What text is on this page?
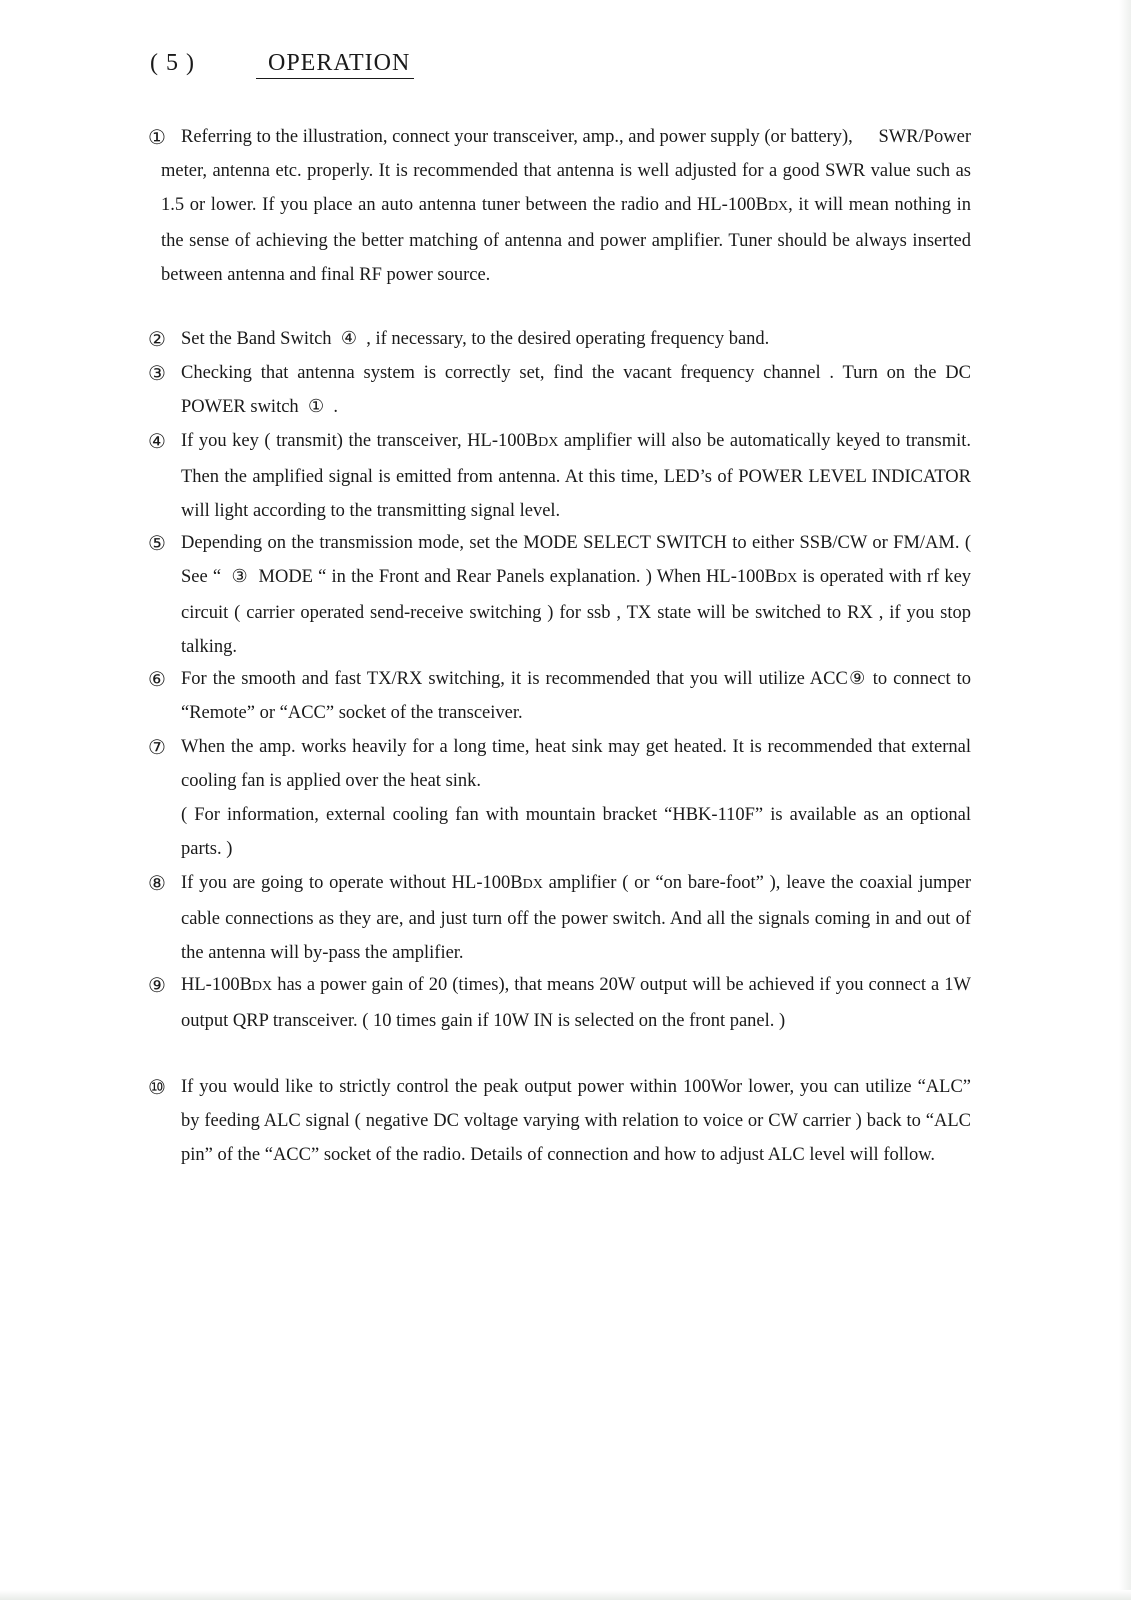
( 5 )	OPERATION
① Referring to the illustration, connect your transceiver, amp., and power supply (or battery), SWR/Power meter, antenna etc. properly. It is recommended that antenna is well adjusted for a good SWR value such as 1.5 or lower. If you place an auto antenna tuner between the radio and HL-100BDX, it will mean nothing in the sense of achieving the better matching of antenna and power amplifier. Tuner should be always inserted between antenna and final RF power source.
② Set the Band Switch ④ , if necessary, to the desired operating frequency band.
③ Checking that antenna system is correctly set, find the vacant frequency channel . Turn on the DC POWER switch ① .
④ If you key ( transmit) the transceiver, HL-100BDX amplifier will also be automatically keyed to transmit. Then the amplified signal is emitted from antenna. At this time, LED’s of POWER LEVEL INDICATOR will light according to the transmitting signal level.
⑤ Depending on the transmission mode, set the MODE SELECT SWITCH to either SSB/CW or FM/AM. ( See “ ③ MODE “ in the Front and Rear Panels explanation. ) When HL-100BDX is operated with rf key circuit ( carrier operated send-receive switching ) for ssb , TX state will be switched to RX , if you stop talking.
⑥ For the smooth and fast TX/RX switching, it is recommended that you will utilize ACC⑨ to connect to “Remote” or “ACC” socket of the transceiver.
⑦ When the amp. works heavily for a long time, heat sink may get heated. It is recommended that external cooling fan is applied over the heat sink.
( For information, external cooling fan with mountain bracket “HBK-110F” is available as an optional parts. )
⑧ If you are going to operate without HL-100BDX amplifier ( or “on bare-foot” ), leave the coaxial jumper cable connections as they are, and just turn off the power switch. And all the signals coming in and out of the antenna will by-pass the amplifier.
⑨ HL-100BDX has a power gain of 20 (times), that means 20W output will be achieved if you connect a 1W output QRP transceiver. ( 10 times gain if 10W IN is selected on the front panel. )
⑩ If you would like to strictly control the peak output power within 100Wor lower, you can utilize “ALC” by feeding ALC signal ( negative DC voltage varying with relation to voice or CW carrier ) back to “ALC pin” of the “ACC” socket of the radio. Details of connection and how to adjust ALC level will follow.
